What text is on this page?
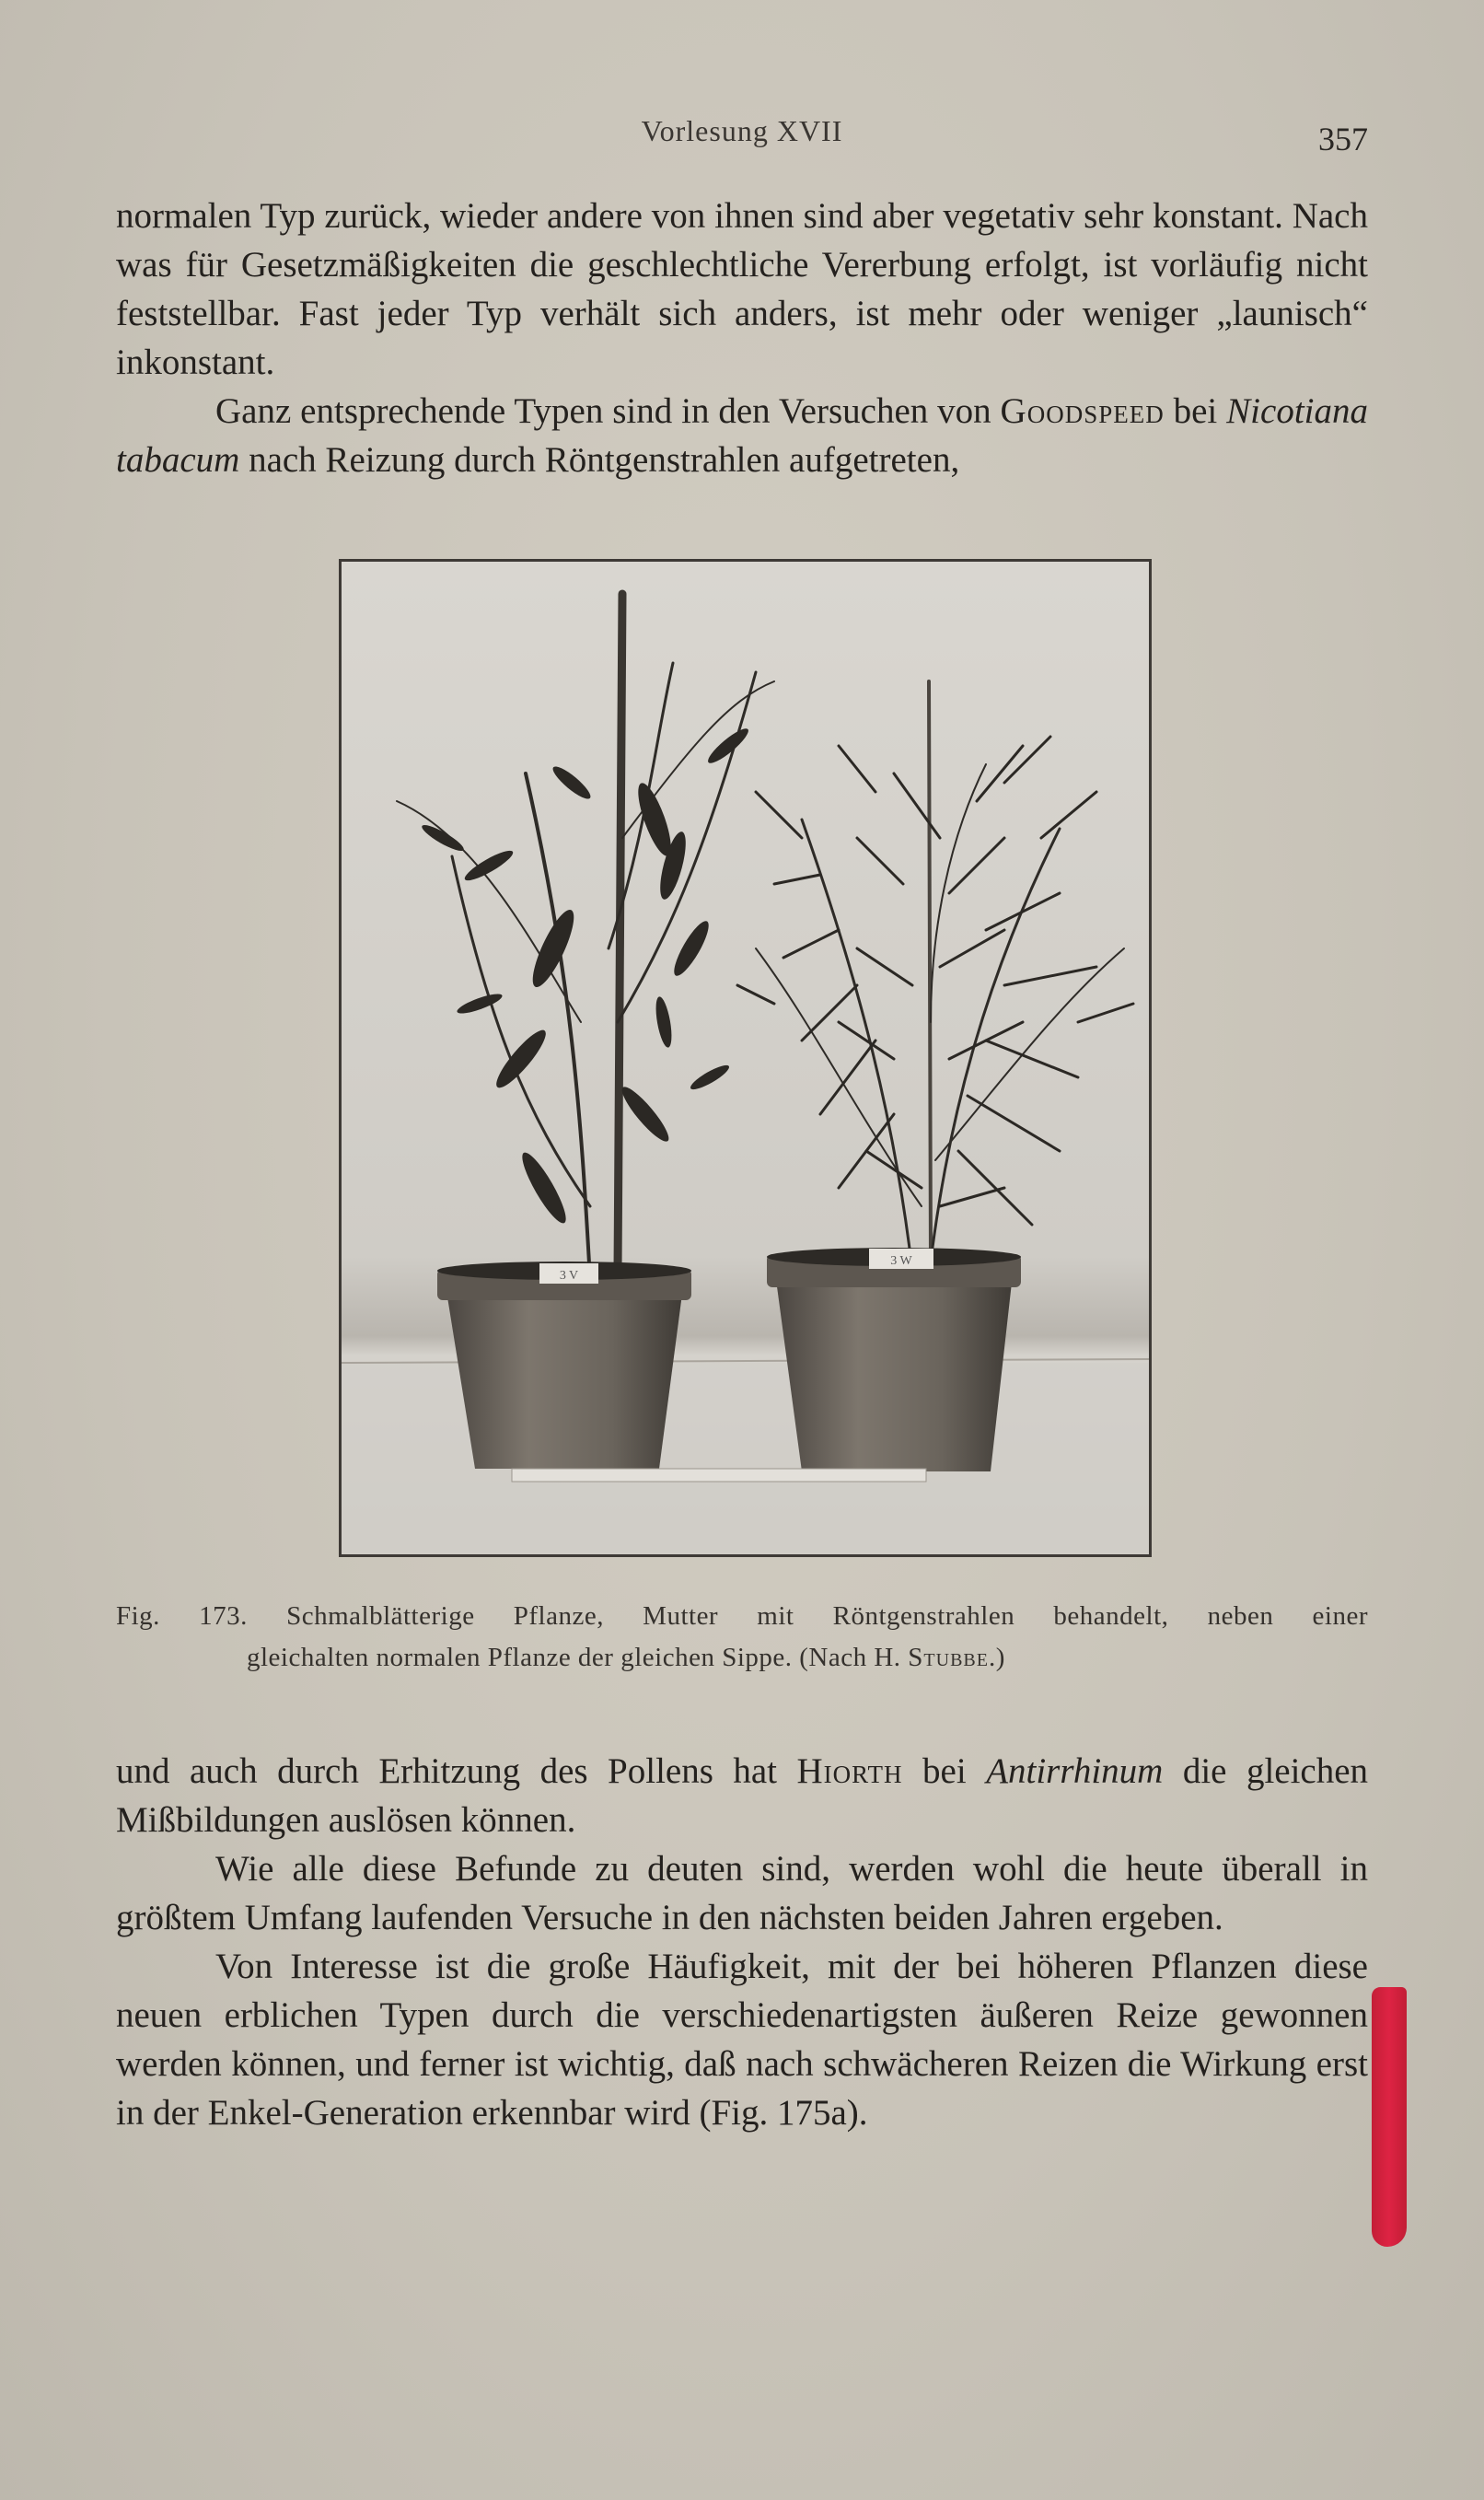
Vorlesung XVII	357

normalen Typ zurück, wieder andere von ihnen sind aber vegetativ sehr konstant. Nach was für Gesetzmäßigkeiten die geschlechtliche Vererbung erfolgt, ist vorläufig nicht feststellbar. Fast jeder Typ verhält sich anders, ist mehr oder weniger „launisch“ inkonstant.

Ganz entsprechende Typen sind in den Versuchen von Goodspeed bei Nicotiana tabacum nach Reizung durch Röntgenstrahlen aufgetreten,

3 V
3 W
Fig. 173. Schmalblätterige Pflanze, Mutter mit Röntgenstrahlen behandelt, neben einer
gleichalten normalen Pflanze der gleichen Sippe. (Nach H. Stubbe.)

und auch durch Erhitzung des Pollens hat Hiorth bei Antirrhinum die gleichen Mißbildungen auslösen können.

Wie alle diese Befunde zu deuten sind, werden wohl die heute überall in größtem Umfang laufenden Versuche in den nächsten beiden Jahren ergeben.

Von Interesse ist die große Häufigkeit, mit der bei höheren Pflanzen diese neuen erblichen Typen durch die verschiedenartigsten äußeren Reize gewonnen werden können, und ferner ist wichtig, daß nach schwächeren Reizen die Wirkung erst in der Enkel-Generation erkennbar wird (Fig. 175a).
